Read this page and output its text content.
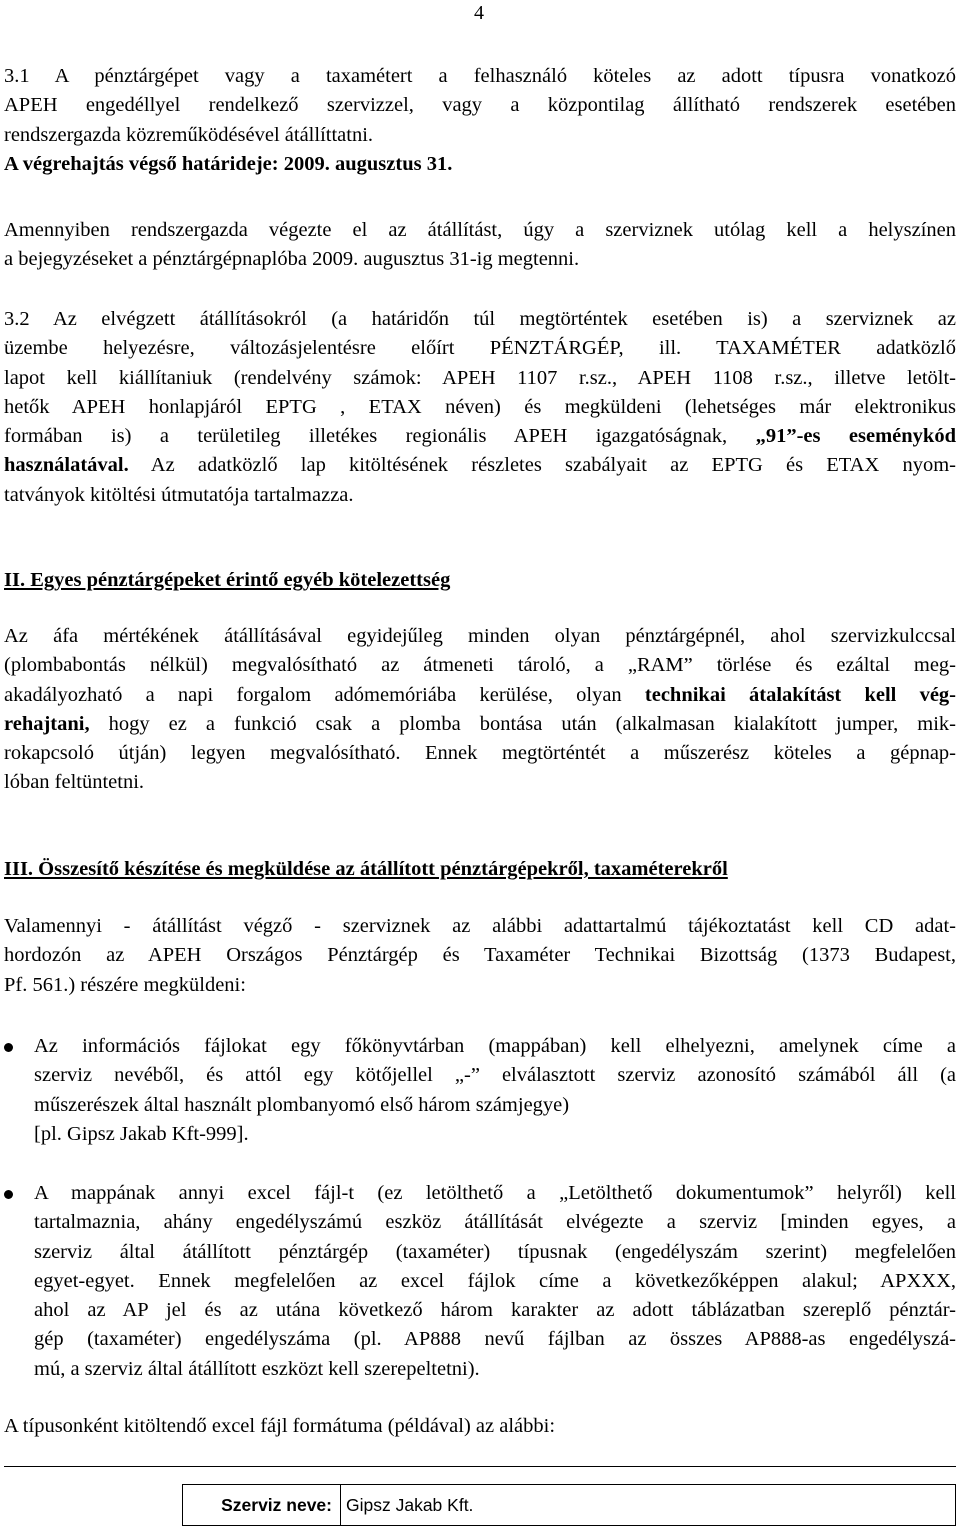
4
3.1 A pénztárgépet vagy a taxamétert a felhasználó köteles az adott típusra vonatkozó
APEH engedéllyel rendelkező szervizzel, vagy a központilag állítható rendszerek esetében
rendszergazda közreműködésével átállíttatni.
A végrehajtás végső határideje: 2009. augusztus 31.
Amennyiben rendszergazda végezte el az átállítást, úgy a szerviznek utólag kell a helyszínen
a bejegyzéseket a pénztárgépnaplóba 2009. augusztus 31-ig megtenni.
3.2 Az elvégzett átállításokról (a határidőn túl megtörténtek esetében is) a szerviznek az
üzembe helyezésre, változásjelentésre előírt PÉNZTÁRGÉP, ill. TAXAMÉTER adatközlő
lapot kell kiállítaniuk (rendelvény számok: APEH 1107 r.sz., APEH 1108 r.sz., illetve letölt-
hetők APEH honlapjáról EPTG , ETAX néven) és megküldeni (lehetséges már elektronikus
formában is) a területileg illetékes regionális APEH igazgatóságnak, „91”-es eseménykód
használatával. Az adatközlő lap kitöltésének részletes szabályait az EPTG és ETAX nyom-
tatványok kitöltési útmutatója tartalmazza.
II. Egyes pénztárgépeket érintő egyéb kötelezettség
Az áfa mértékének átállításával egyidejűleg minden olyan pénztárgépnél, ahol szervizkulccsal
(plombabontás nélkül) megvalósítható az átmeneti tároló, a „RAM” törlése és ezáltal meg-
akadályozható a napi forgalom adómemóriába kerülése, olyan technikai átalakítást kell vég-
rehajtani, hogy ez a funkció csak a plomba bontása után (alkalmasan kialakított jumper, mik-
rokapcsoló útján) legyen megvalósítható. Ennek megtörténtét a műszerész köteles a gépnap-
lóban feltüntetni.
III. Összesítő készítése és megküldése az átállított pénztárgépekről, taxaméterekről
Valamennyi - átállítást végző - szerviznek az alábbi adattartalmú tájékoztatást kell CD adat-
hordozón az APEH Országos Pénztárgép és Taxaméter Technikai Bizottság (1373 Budapest,
Pf. 561.) részére megküldeni:
Az információs fájlokat egy főkönyvtárban (mappában) kell elhelyezni, amelynek címe a
szerviz nevéből, és attól egy kötőjellel „-” elválasztott szerviz azonosító számából áll (a
műszerészek által használt plombanyomó első három számjegye)
[pl. Gipsz Jakab Kft-999].
A mappának annyi excel fájl-t (ez letölthető a „Letölthető dokumentumok” helyről) kell
tartalmaznia, ahány engedélyszámú eszköz átállítását elvégezte a szerviz [minden egyes, a
szerviz által átállított pénztárgép (taxaméter) típusnak (engedélyszám szerint) megfelelően
egyet-egyet. Ennek megfelelően az excel fájlok címe a következőképpen alakul; APXXX,
ahol az AP jel és az utána következő három karakter az adott táblázatban szereplő pénztár-
gép (taxaméter) engedélyszáma (pl. AP888 nevű fájlban az összes AP888-as engedélyszá-
mú, a szerviz által átállított eszközt kell szerepeltetni).
A típusonként kitöltendő excel fájl formátuma (példával) az alábbi:
Szerviz neve: Gipsz Jakab Kft.
